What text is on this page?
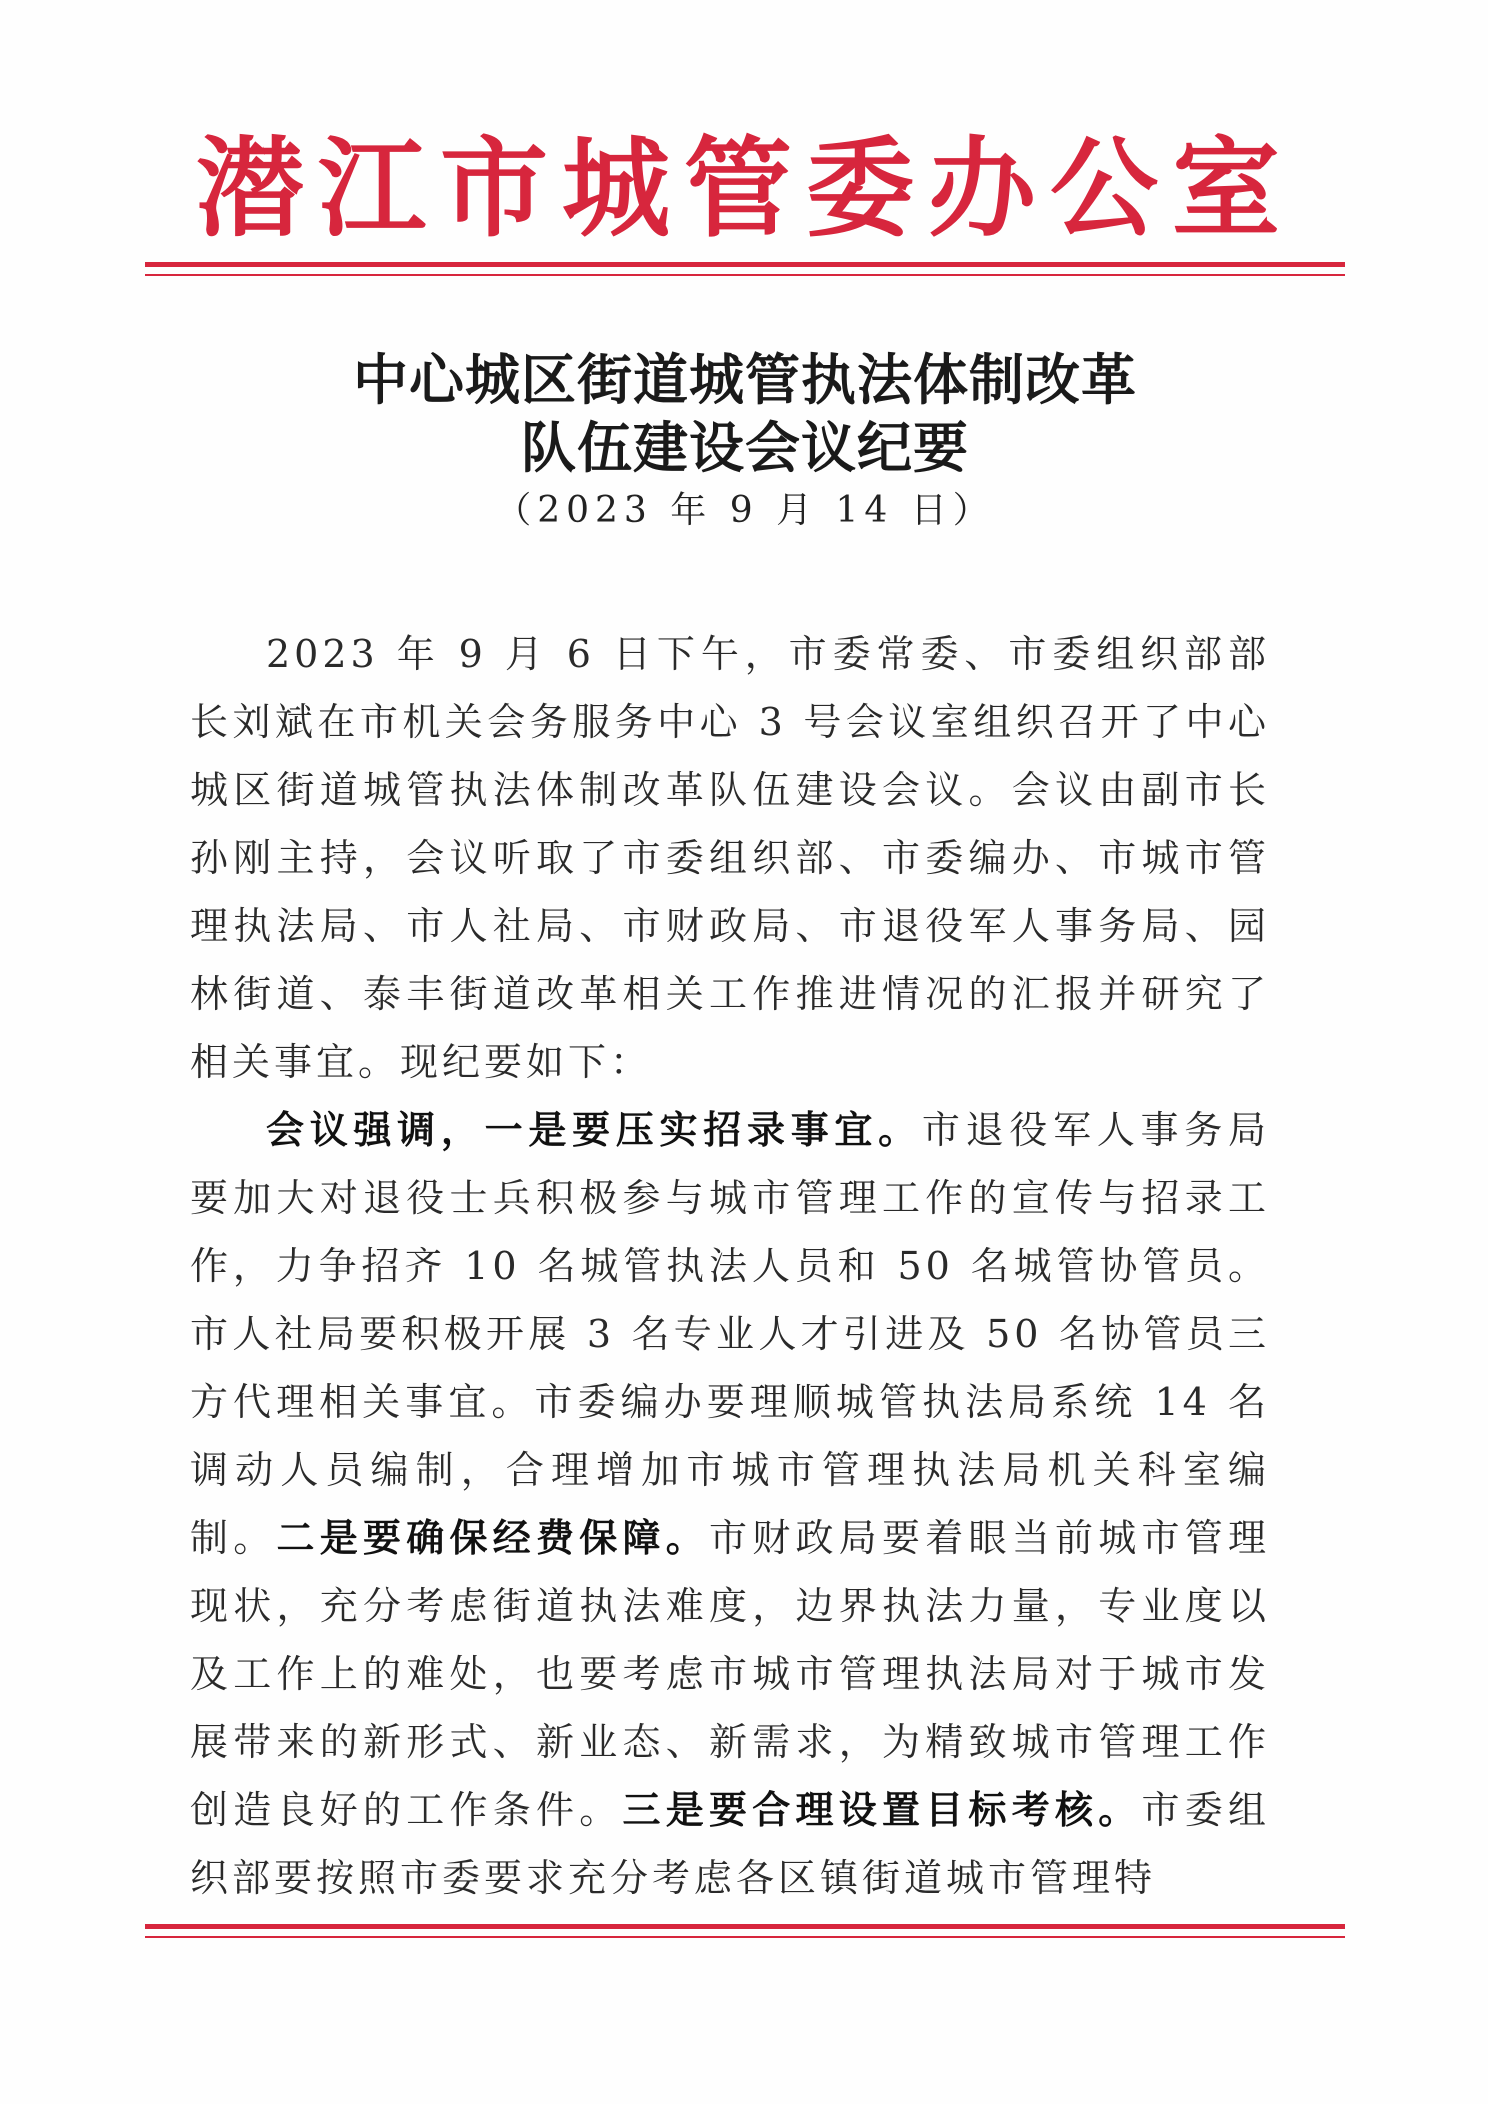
潜江市城管委办公室
中心城区街道城管执法体制改革
队伍建设会议纪要
（2023 年 9 月 14 日）

2023 年 9 月 6 日下午，市委常委、市委组织部部长刘斌在市机关会务服务中心 3 号会议室组织召开了中心城区街道城管执法体制改革队伍建设会议。会议由副市长孙刚主持，会议听取了市委组织部、市委编办、市城市管理执法局、市人社局、市财政局、市退役军人事务局、园林街道、泰丰街道改革相关工作推进情况的汇报并研究了相关事宜。现纪要如下：

会议强调，一是要压实招录事宜。市退役军人事务局要加大对退役士兵积极参与城市管理工作的宣传与招录工作，力争招齐 10 名城管执法人员和 50 名城管协管员。市人社局要积极开展 3 名专业人才引进及 50 名协管员三方代理相关事宜。市委编办要理顺城管执法局系统 14 名调动人员编制，合理增加市城市管理执法局机关科室编制。二是要确保经费保障。市财政局要着眼当前城市管理现状，充分考虑街道执法难度，边界执法力量，专业度以及工作上的难处，也要考虑市城市管理执法局对于城市发展带来的新形式、新业态、新需求，为精致城市管理工作创造良好的工作条件。三是要合理设置目标考核。市委组织部要按照市委要求充分考虑各区镇街道城市管理特
